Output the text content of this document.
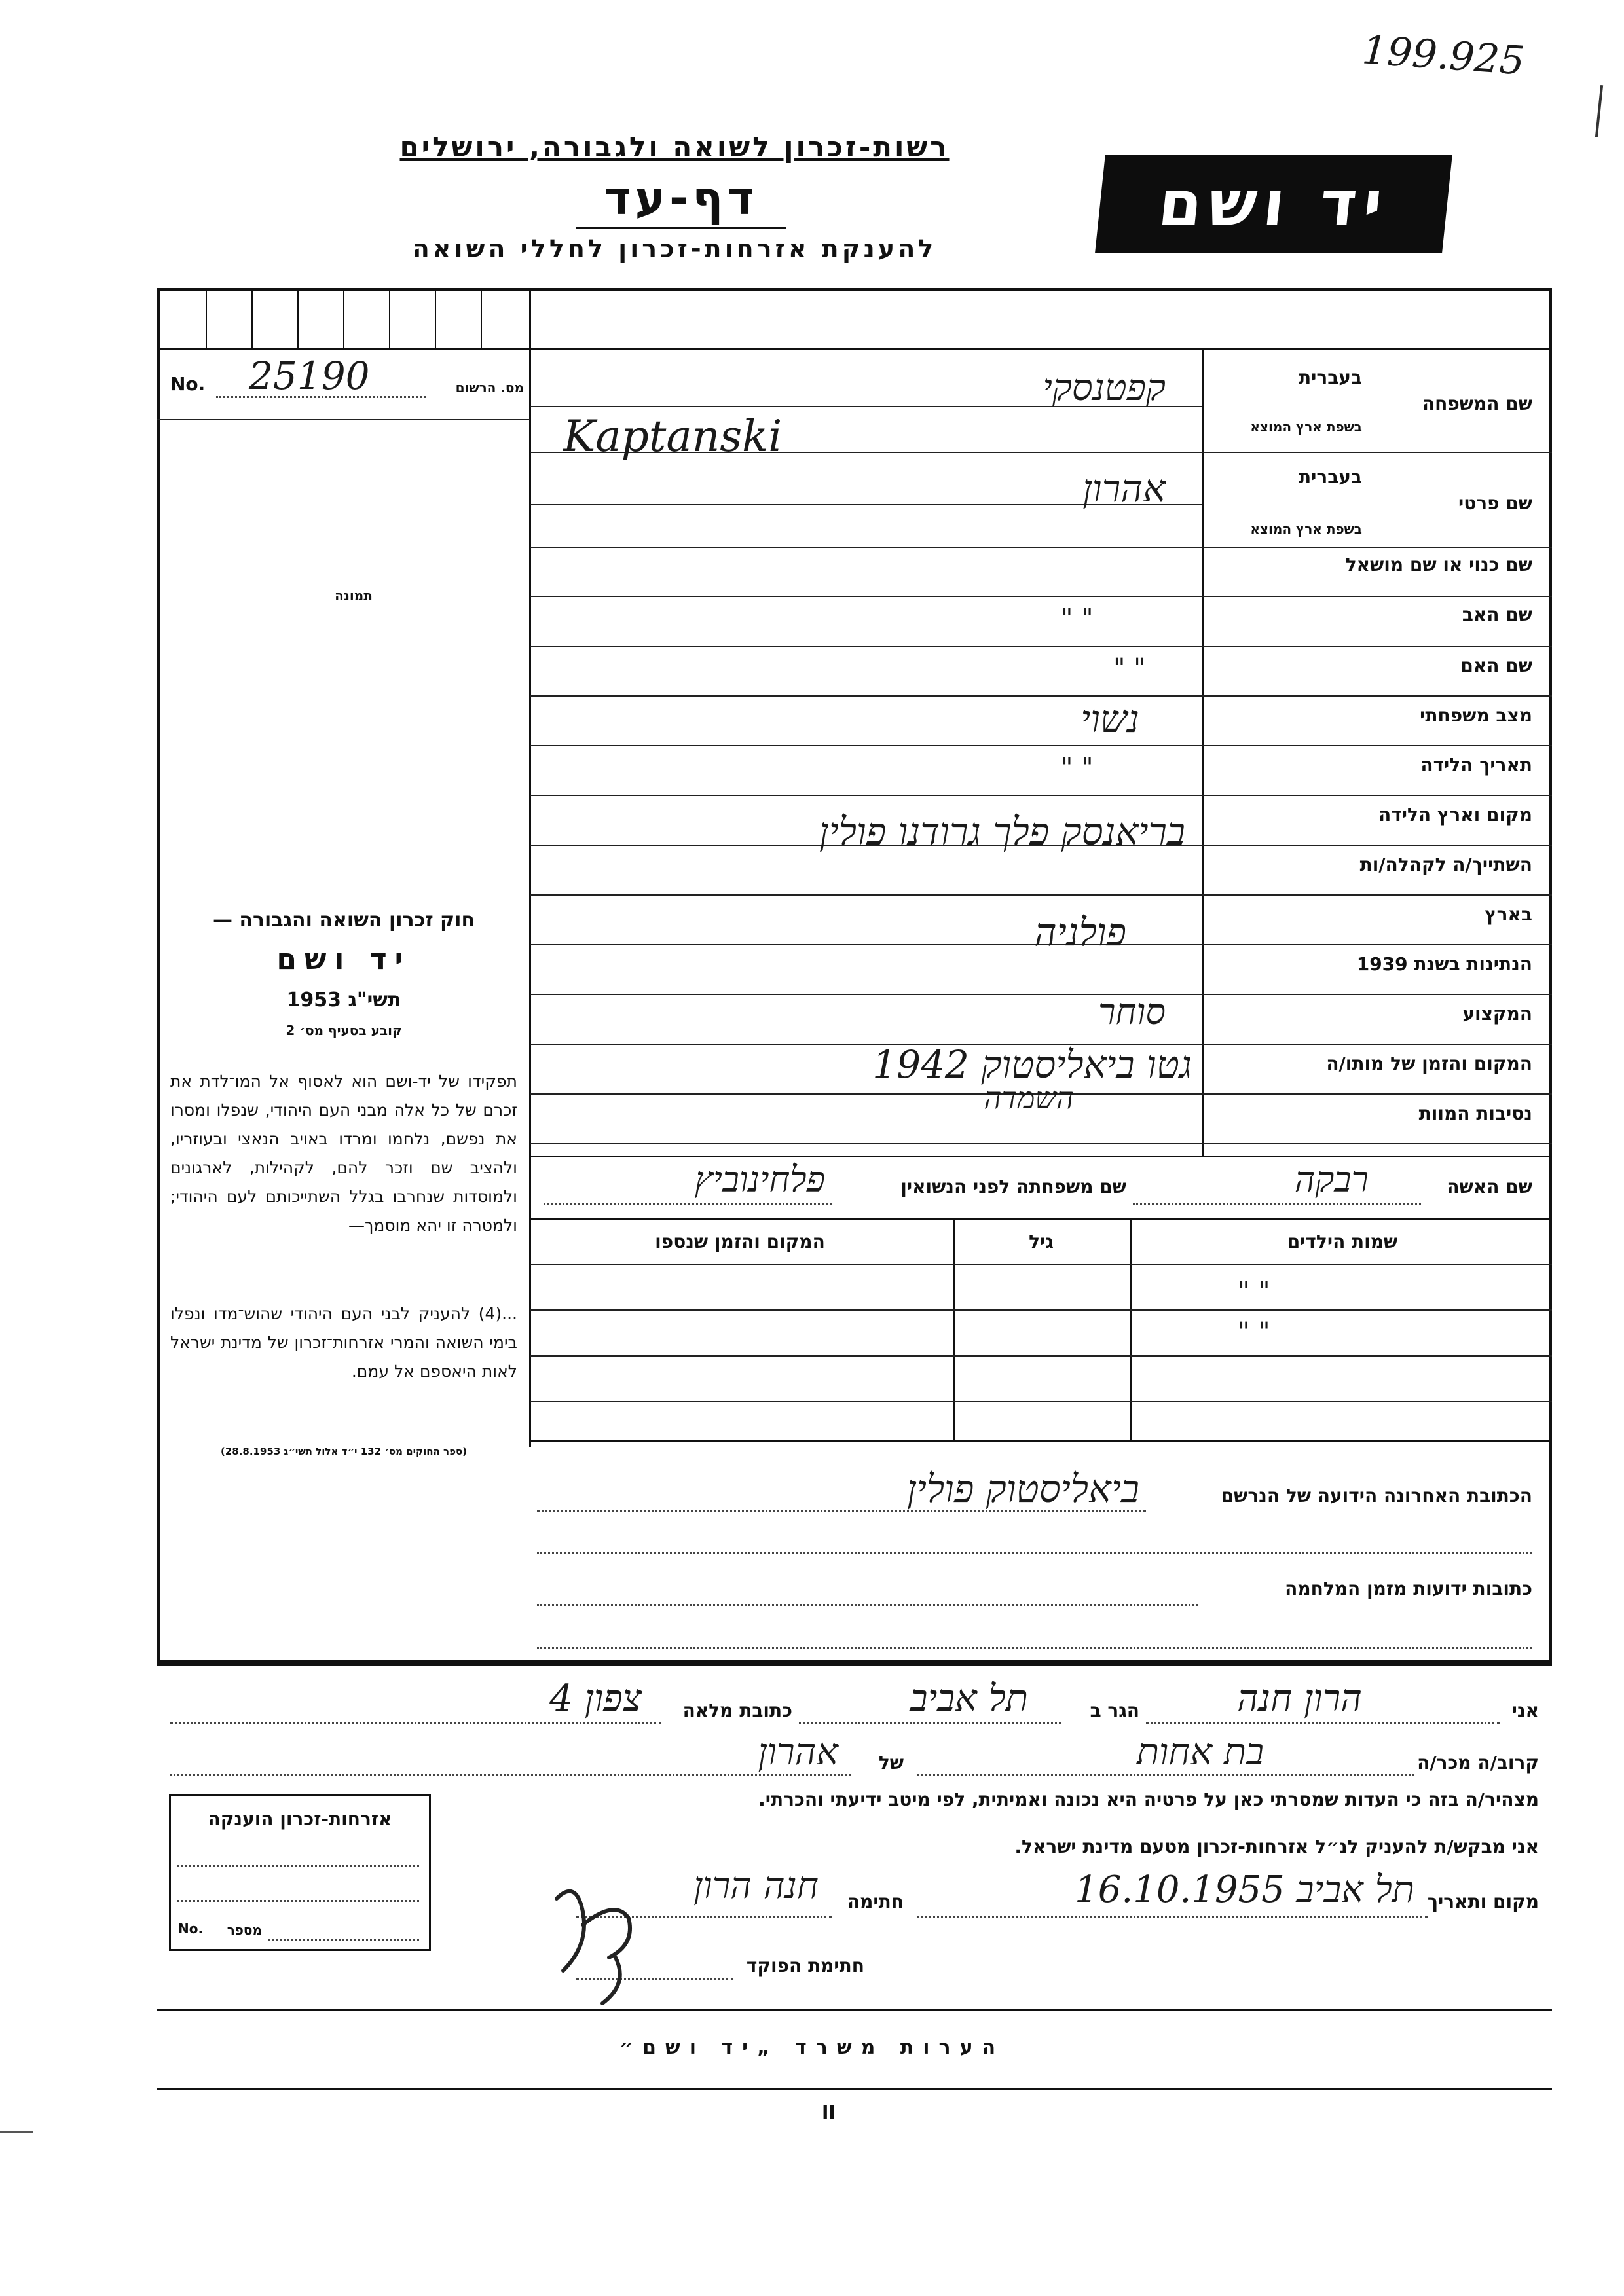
199.925
רשות-זכרון לשואה ולגבורה, ירושלים
דף-עד
להענקת אזרחות-זכרון לחללי השואה
יד ושם
No. 25190	מס. הרשום
תמונה
שם המשפחה
בעברית
בשפת ארץ המוצא
שם פרטי
בעברית
בשפת ארץ המוצא
שם כנוי או שם מושאל
שם האב
שם האם
מצב משפחתי
תאריך הלידה
מקום וארץ הלידה
השתייך/ה לקהלה/ות
בארץ
הנתינות בשנת 1939
המקצוע
המקום והזמן של מותו/ה
נסיבות המוות
קפטנסקי
Kaptanski
אהרון
" "
" "
נשוי
" "
בריאנסק פלך גרודנו פולין
פולניה
סוחר
גטו ביאליסטוק 1942
השמדה
שם האשה
רבקה
שם משפחתה לפני הנשואין
פלחינוביץ
שמות הילדים
גיל
המקום והזמן שנספו
" "
" "
הכתובת האחרונה הידועה של הנרשם
ביאליסטוק פולין
כתובות ידועות מזמן המלחמה
חוק זכרון השואה והגבורה —
יד ושם
תשי"ג 1953
קובע בסעיף מס׳ 2
תפקידו של יד-ושם הוא לאסוף אל המו־לדת את זכרם של כל אלה מבני העם היהודי, שנפלו ומסרו את נפשם, נלחמו ומרדו באויב הנאצי ובעוזריו, ולהציב שם וזכר להם, לקהילות, לארגונים ולמוסדות שנחרבו בגלל השתייכותם לעם היהודי; ולמטרה זו יהא מוסמך—
...(4) להעניק לבני העם היהודי שהוש־מדו ונפלו בימי השואה והמרי אזרחות־זכרון של מדינת ישראל לאות היאספם אל עמם.
(ספר החוקים מס׳ 132 י״ד אלול תשי״ג 28.8.1953)
אני
הרון חנה
הגר ב
תל אביב
כתובת מלאה
צפון 4
קרוב/ה מכר/ה
בת אחות
של
אהרון
מצהיר/ה בזה כי העדות שמסרתי כאן על פרטיה היא נכונה ואמיתית, לפי מיטב ידיעתי והכרתי.
אני מבקש/ת להעניק לנ״ל אזרחות-זכרון מטעם מדינת ישראל.
מקום ותאריך
תל אביב 16.10.1955
חתימה
חנה הרון
חתימת הפוקד
אזרחות-זכרון הוענקה
No.	מספר
הערות משרד „יד ושם״
II
